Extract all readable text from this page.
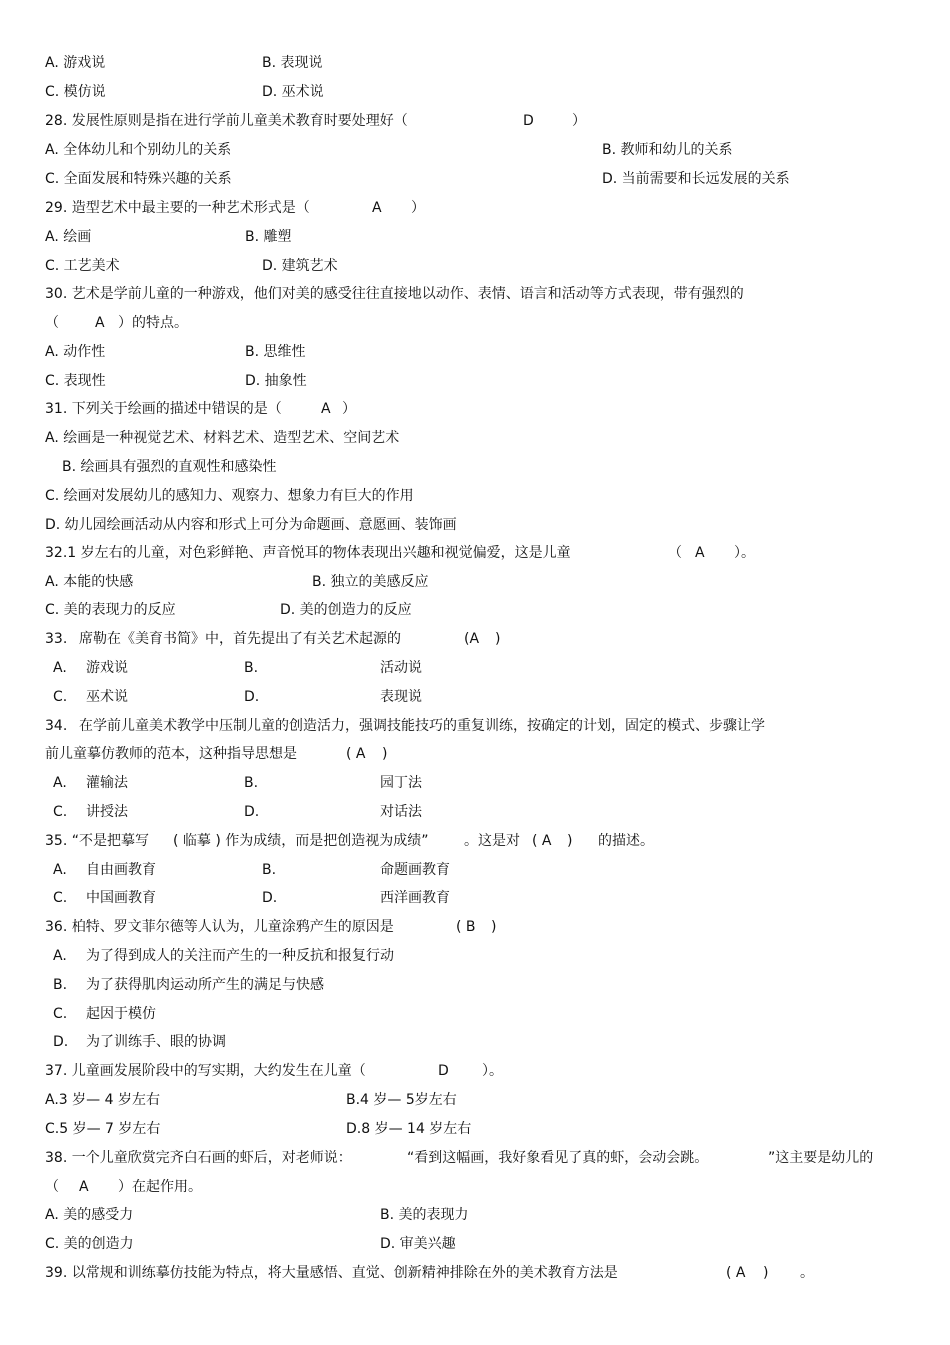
A. 游戏说	B. 表现说
C. 模仿说	D. 巫术说
28. 发展性原则是指在进行学前儿童美术教育时要处理好（	D	）
A. 全体幼儿和个别幼儿的关系	B. 教师和幼儿的关系
C. 全面发展和特殊兴趣的关系	D. 当前需要和长远发展的关系
29. 造型艺术中最主要的一种艺术形式是（	A ）
A. 绘画	B. 雕塑
C. 工艺美术	D. 建筑艺术
30. 艺术是学前儿童的一种游戏，他们对美的感受往往直接地以动作、表情、语言和活动等方式表现，带有强烈的
（	A ）的特点。
A. 动作性	B. 思维性
C. 表现性	D. 抽象性
31. 下列关于绘画的描述中错误的是（	A ）
A. 绘画是一种视觉艺术、材料艺术、造型艺术、空间艺术
B. 绘画具有强烈的直观性和感染性
C. 绘画对发展幼儿的感知力、观察力、想象力有巨大的作用
D. 幼儿园绘画活动从内容和形式上可分为命题画、意愿画、装饰画
32.1 岁左右的儿童，对色彩鲜艳、声音悦耳的物体表现出兴趣和视觉偏爱，这是儿童	（ A ）。
A. 本能的快感	B. 独立的美感反应
C. 美的表现力的反应	D. 美的创造力的反应
33. 席勒在《美育书简》中，首先提出了有关艺术起源的	(A )
A. 游戏说	B.	活动说
C. 巫术说	D.	表现说
34. 在学前儿童美术教学中压制儿童的创造活力，强调技能技巧的重复训练，按确定的计划，固定的模式、步骤让学
前儿童摹仿教师的范本，这种指导思想是	( A )
A. 灌输法	B.	园丁法
C. 讲授法	D.	对话法
35. “不是把摹写 ( 临摹 ) 作为成绩，而是把创造视为成绩”	。这是对 ( A ) 的描述。
A. 自由画教育	B.	命题画教育
C. 中国画教育	D.	西洋画教育
36. 柏特、罗文菲尔德等人认为，儿童涂鸦产生的原因是	( B )
A. 为了得到成人的关注而产生的一种反抗和报复行动
B. 为了获得肌肉运动所产生的满足与快感
C. 起因于模仿
D. 为了训练手、眼的协调
37. 儿童画发展阶段中的写实期，大约发生在儿童（	D ）。
A.3 岁— 4 岁左右	B.4 岁— 5岁左右
C.5 岁— 7 岁左右	D.8 岁— 14 岁左右
38. 一个儿童欣赏完齐白石画的虾后，对老师说：	“看到这幅画，我好象看见了真的虾，会动会跳。	”这主要是幼儿的
（ A ）在起作用。
A. 美的感受力	B. 美的表现力
C. 美的创造力	D. 审美兴趣
39. 以常规和训练摹仿技能为特点，将大量感悟、直觉、创新精神排除在外的美术教育方法是	( A ) 。
